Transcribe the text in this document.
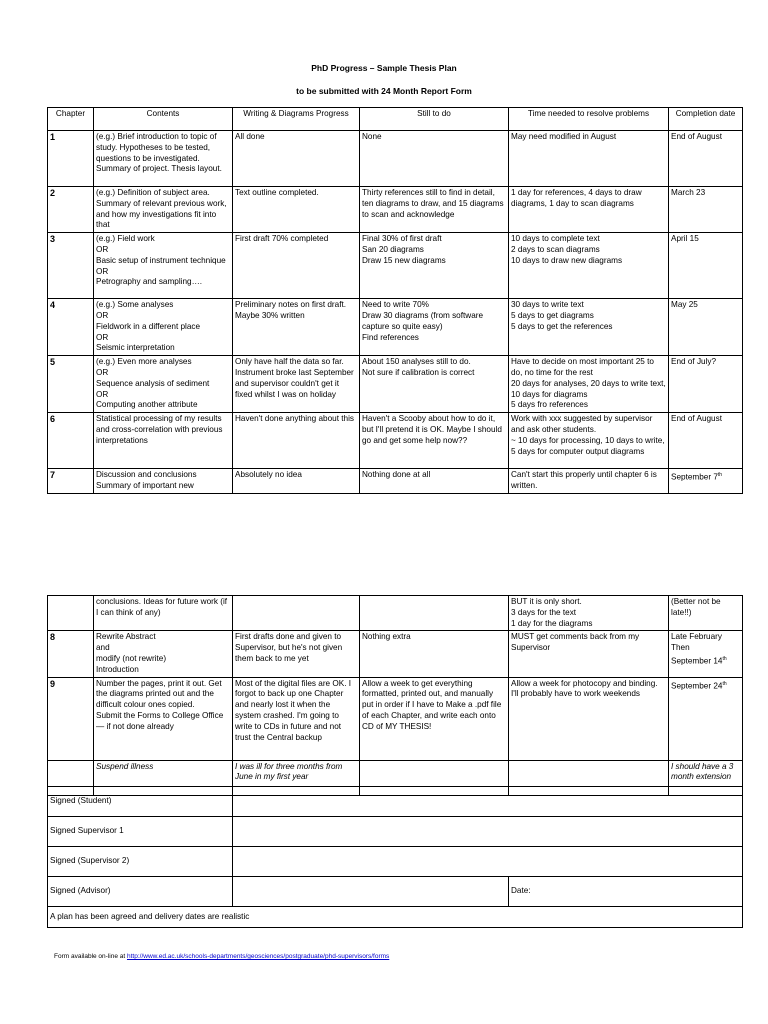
PhD Progress – Sample Thesis Plan
to be submitted with 24 Month Report Form
Chapter	Contents	Writing & Diagrams Progress	Still to do	Time needed to resolve problems	Completion date
1	(e.g.) Brief introduction to topic of study. Hypotheses to be tested, questions to be investigated. Summary of project. Thesis layout.	All done	None	May need modified in August	End of August
2	(e.g.) Definition of subject area. Summary of relevant previous work, and how my investigations fit into that	Text outline completed.	Thirty references still to find in detail, ten diagrams to draw, and 15 diagrams to scan and acknowledge	1 day for references, 4 days to draw diagrams, 1 day to scan diagrams	March 23
3	(e.g.) Field work
OR
Basic setup of instrument technique
OR
Petrography and sampling….	First draft 70% completed	Final 30% of first draft
San 20 diagrams
Draw 15 new diagrams	10 days to complete text
2 days to scan diagrams
10 days to draw new diagrams	April 15
4	(e.g.) Some analyses
OR
Fieldwork in a different place
OR
Seismic interpretation	Preliminary notes on first draft. Maybe 30% written	Need to write 70%
Draw 30 diagrams (from software capture so quite easy)
Find references	30 days to write text
5 days to get diagrams
5 days to get the references	May 25
5	(e.g.) Even more analyses
OR
Sequence analysis of sediment
OR
Computing another attribute	Only have half the data so far. Instrument broke last September and supervisor couldn't get it fixed whilst I was on holiday	About 150 analyses still to do.
Not sure if calibration is correct	Have to decide on most important 25 to do, no time for the rest
20 days for analyses, 20 days to write text, 10 days for diagrams
5 days fro references	End of July?
6	Statistical processing of my results and cross-correlation with previous interpretations	Haven't done anything about this	Haven't a Scooby about how to do it, but I'll pretend it is OK. Maybe I should go and get some help now??	Work with xxx suggested by supervisor and ask other students.
~ 10 days for processing, 10 days to write, 5 days for computer output diagrams	End of August
7	Discussion and conclusions
Summary of important new	Absolutely no idea	Nothing done at all	Can't start this properly until chapter 6 is written.	September 7th
	conclusions. Ideas for future work (if I can think of any)			BUT it is only short.
3 days for the text
1 day for the diagrams	(Better not be late!!)
8	Rewrite Abstract
and
modify (not rewrite)
Introduction	First drafts done and given to Supervisor, but he's not given them back to me yet	Nothing extra	MUST get comments back from my Supervisor	Late February
Then
September 14th
9	Number the pages, print it out. Get the diagrams printed out and the difficult colour ones copied.
Submit the Forms to College Office— if not done already	Most of the digital files are OK. I forgot to back up one Chapter and nearly lost it when the system crashed. I'm going to write to CDs in future and not trust the Central backup	Allow a week to get everything formatted, printed out, and manually put in order if I have to Make a .pdf file of each Chapter, and write each onto CD of MY THESIS!	Allow a week for photocopy and binding. I'll probably have to work weekends	September 24th
	Suspend illness	I was ill for three months from June in my first year			I should have a 3 month extension
Signed (Student)		
Signed Supervisor 1		
Signed (Supervisor 2)		
Signed (Advisor)		Date:
A plan has been agreed and delivery dates are realistic		
Form available on-line at http://www.ed.ac.uk/schools-departments/geosciences/postgraduate/phd-supervisors/forms
